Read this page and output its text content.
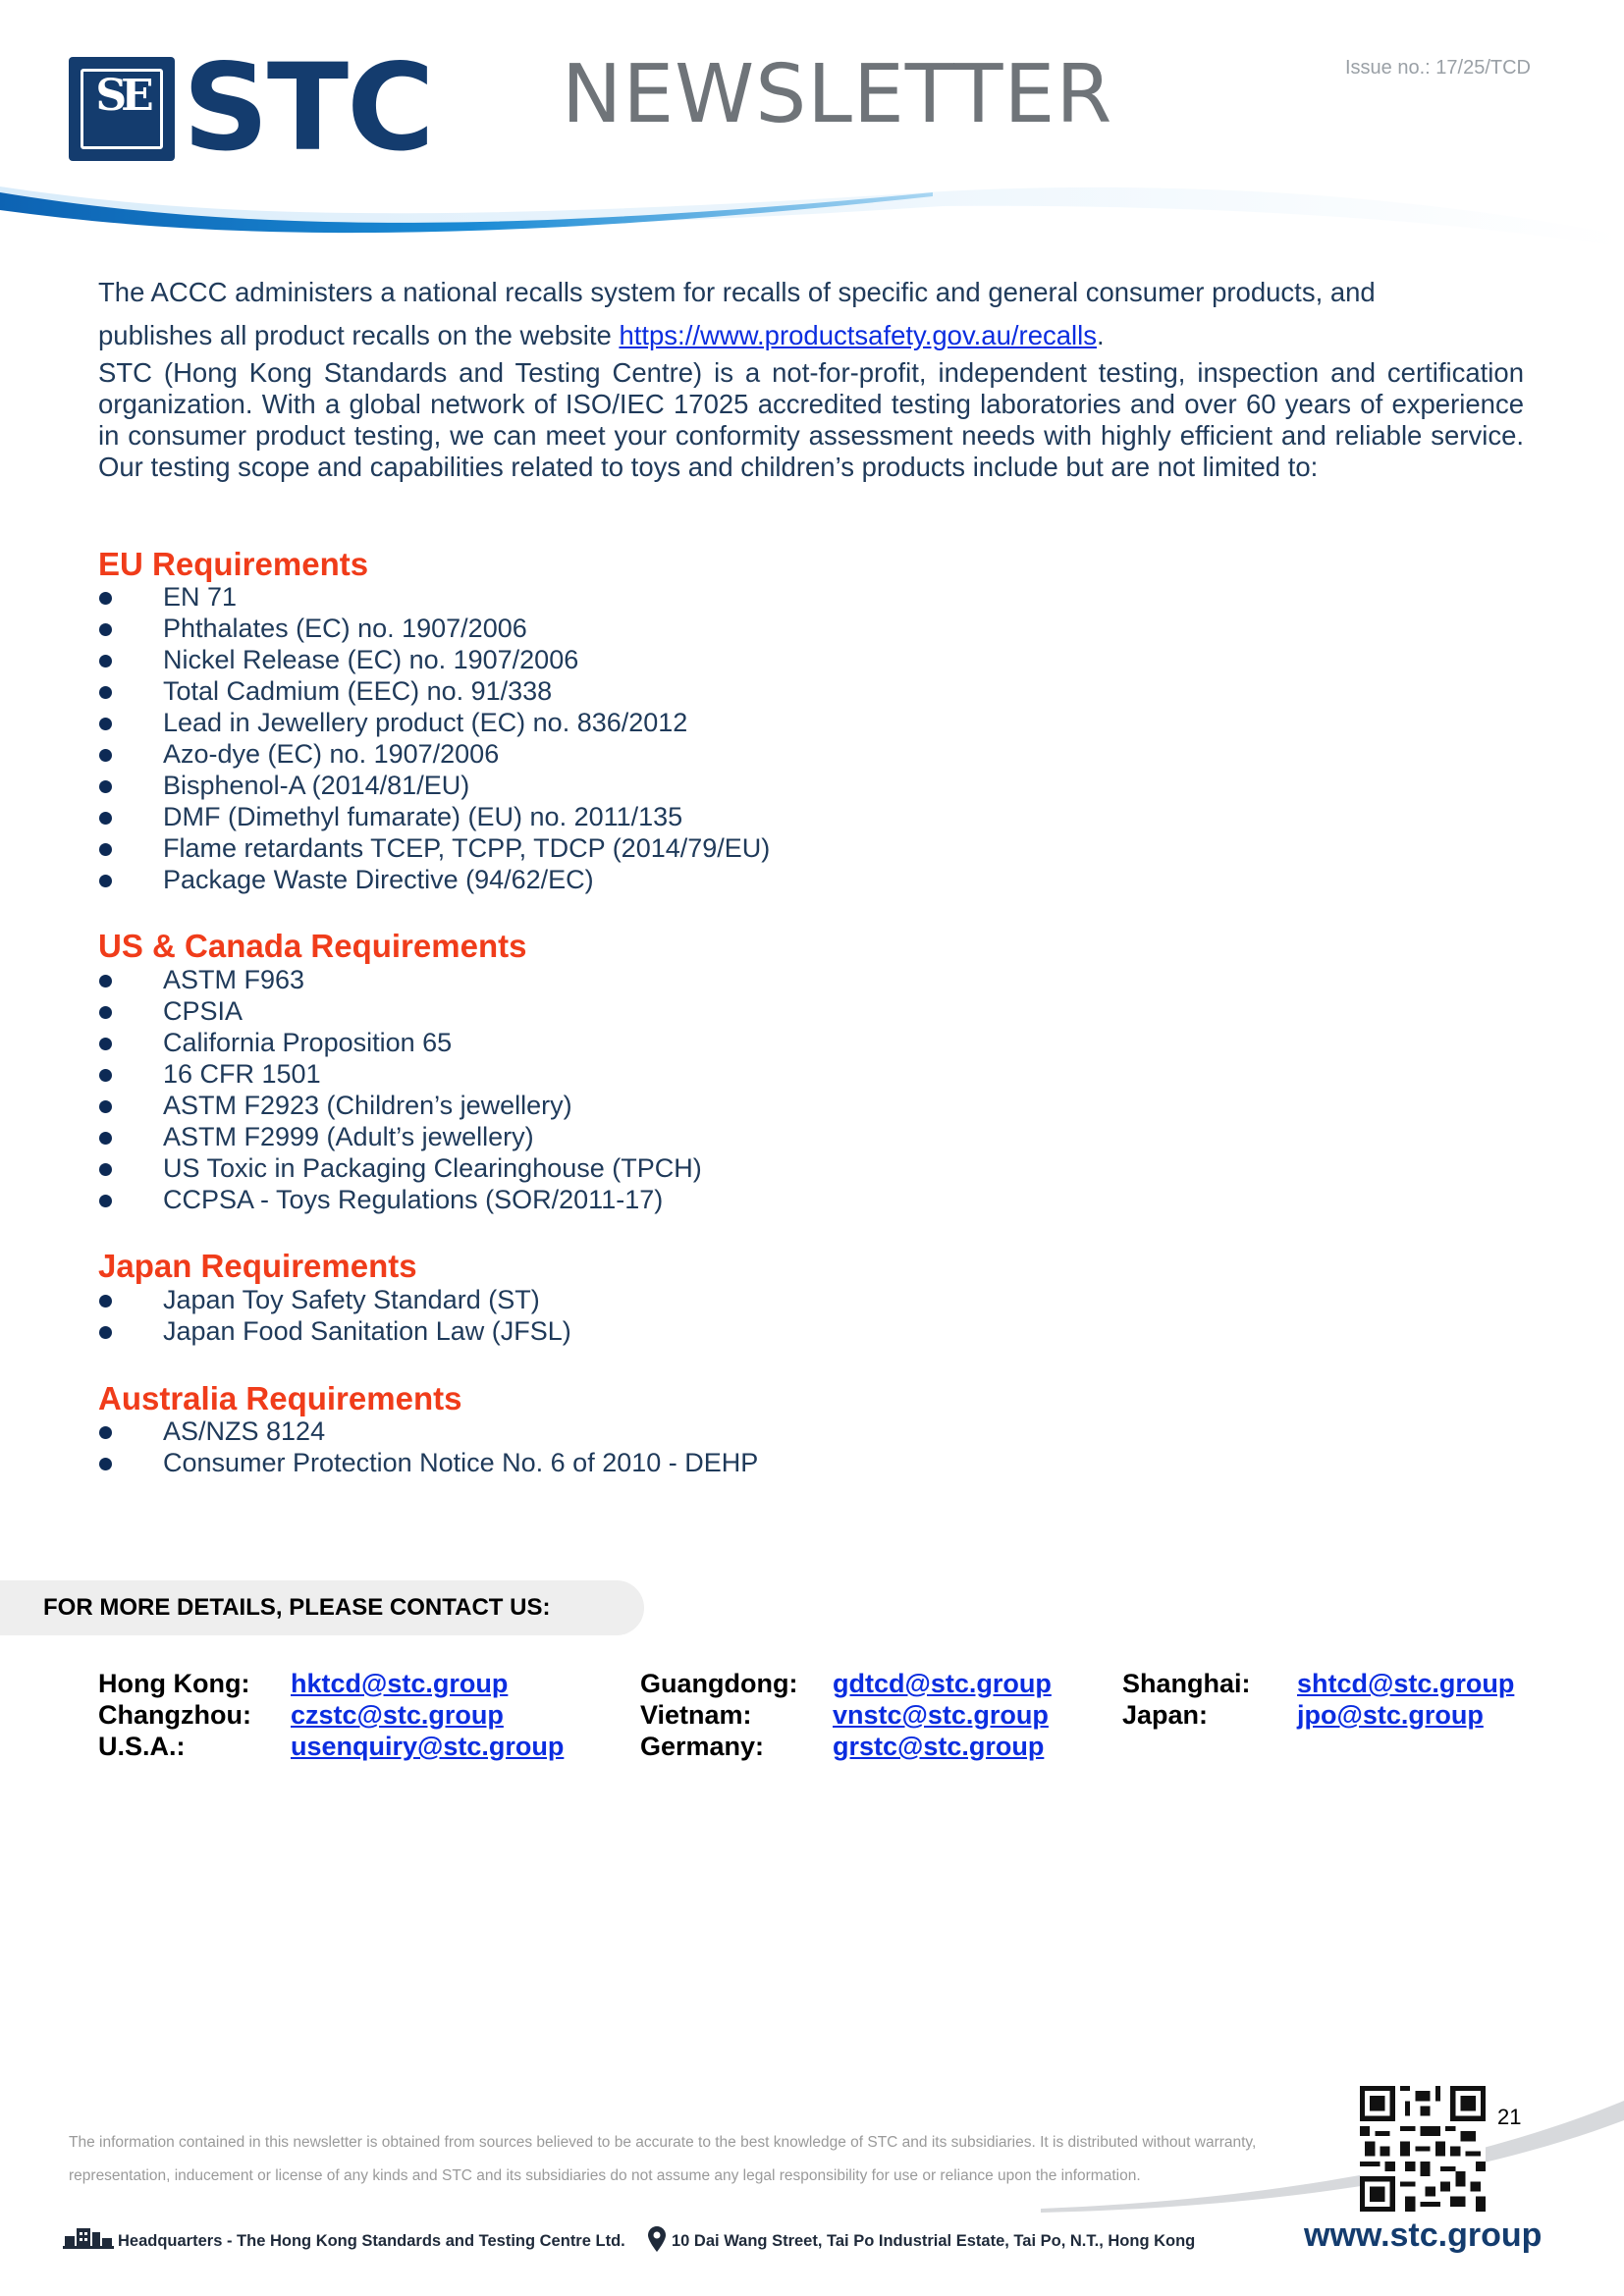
SE STC NEWSLETTER	Issue no.: 17/25/TCD
The ACCC administers a national recalls system for recalls of specific and general consumer products, and
publishes all product recalls on the website https://www.productsafety.gov.au/recalls.
STC (Hong Kong Standards and Testing Centre) is a not-for-profit, independent testing, inspection and certification organization. With a global network of ISO/IEC 17025 accredited testing laboratories and over 60 years of experience in consumer product testing, we can meet your conformity assessment needs with highly efficient and reliable service. Our testing scope and capabilities related to toys and children’s products include but are not limited to:
EU Requirements
EN 71
Phthalates (EC) no. 1907/2006
Nickel Release (EC) no. 1907/2006
Total Cadmium (EEC) no. 91/338
Lead in Jewellery product (EC) no. 836/2012
Azo-dye (EC) no. 1907/2006
Bisphenol-A (2014/81/EU)
DMF (Dimethyl fumarate) (EU) no. 2011/135
Flame retardants TCEP, TCPP, TDCP (2014/79/EU)
Package Waste Directive (94/62/EC)
US & Canada Requirements
ASTM F963
CPSIA
California Proposition 65
16 CFR 1501
ASTM F2923 (Children’s jewellery)
ASTM F2999 (Adult’s jewellery)
US Toxic in Packaging Clearinghouse (TPCH)
CCPSA - Toys Regulations (SOR/2011-17)
Japan Requirements
Japan Toy Safety Standard (ST)
Japan Food Sanitation Law (JFSL)
Australia Requirements
AS/NZS 8124
Consumer Protection Notice No. 6 of 2010 - DEHP
FOR MORE DETAILS, PLEASE CONTACT US:
Hong Kong: hktcd@stc.group	Guangdong: gdtcd@stc.group	Shanghai: shtcd@stc.group
Changzhou: czstc@stc.group	Vietnam:	vnstc@stc.group	Japan:	jpo@stc.group
U.S.A.:	usenquiry@stc.group	Germany:	grstc@stc.group
21
The information contained in this newsletter is obtained from sources believed to be accurate to the best knowledge of STC and its subsidiaries. It is distributed without warranty, representation, inducement or license of any kinds and STC and its subsidiaries do not assume any legal responsibility for use or reliance upon the information.
Headquarters - The Hong Kong Standards and Testing Centre Ltd.	10 Dai Wang Street, Tai Po Industrial Estate, Tai Po, N.T., Hong Kong	www.stc.group
